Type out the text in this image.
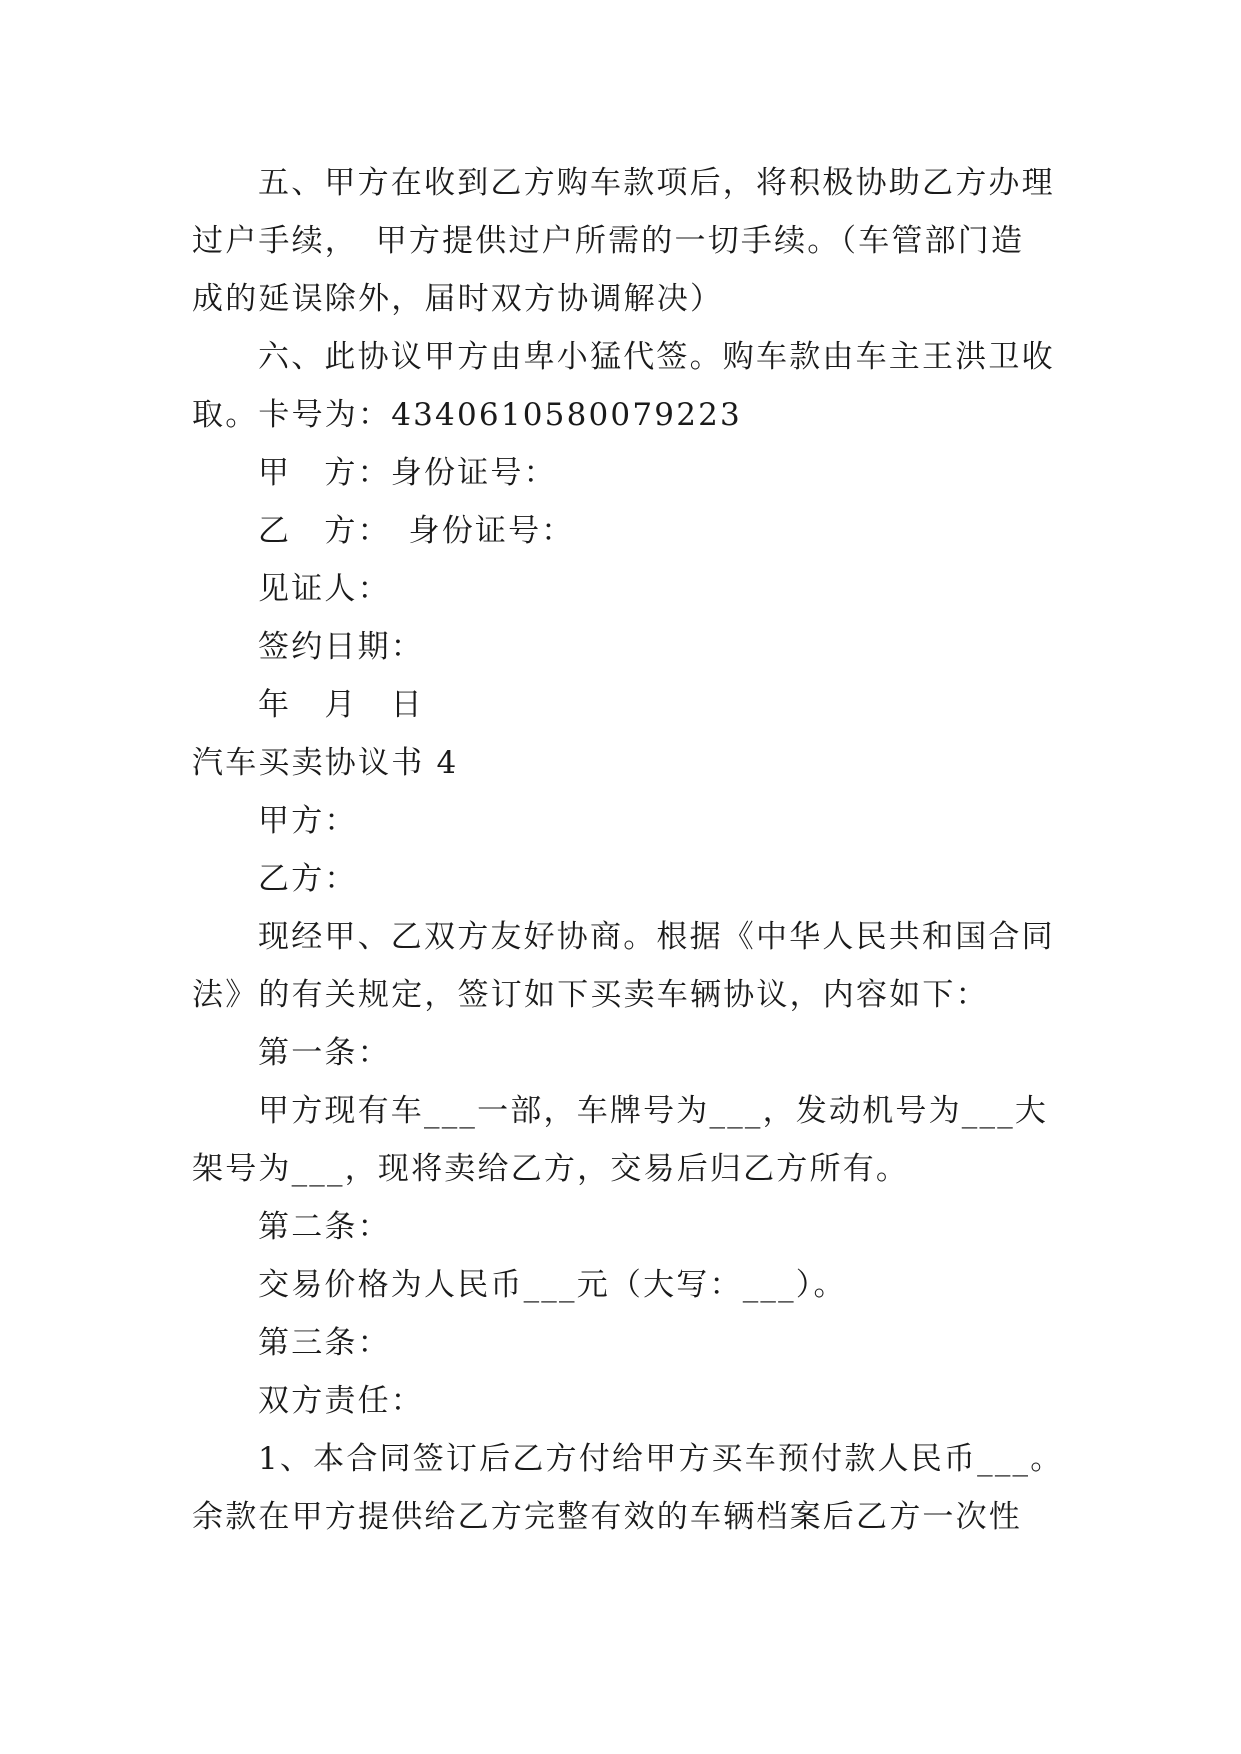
五、甲方在收到乙方购车款项后，将积极协助乙方办理

过户手续，　甲方提供过户所需的一切手续。（车管部门造

成的延误除外，届时双方协调解决）

六、此协议甲方由卑小猛代签。购车款由车主王洪卫收

取。卡号为：4340610580079223

甲　方：身份证号：

乙　方：　身份证号：

见证人：

签约日期：

年　月　日

汽车买卖协议书 4

甲方：

乙方：

现经甲、乙双方友好协商。根据《中华人民共和国合同

法》的有关规定，签订如下买卖车辆协议，内容如下：

第一条：

甲方现有车___一部，车牌号为___，发动机号为___大

架号为___，现将卖给乙方，交易后归乙方所有。

第二条：

交易价格为人民币___元（大写：___）。

第三条：

双方责任：

1、本合同签订后乙方付给甲方买车预付款人民币___。

余款在甲方提供给乙方完整有效的车辆档案后乙方一次性
